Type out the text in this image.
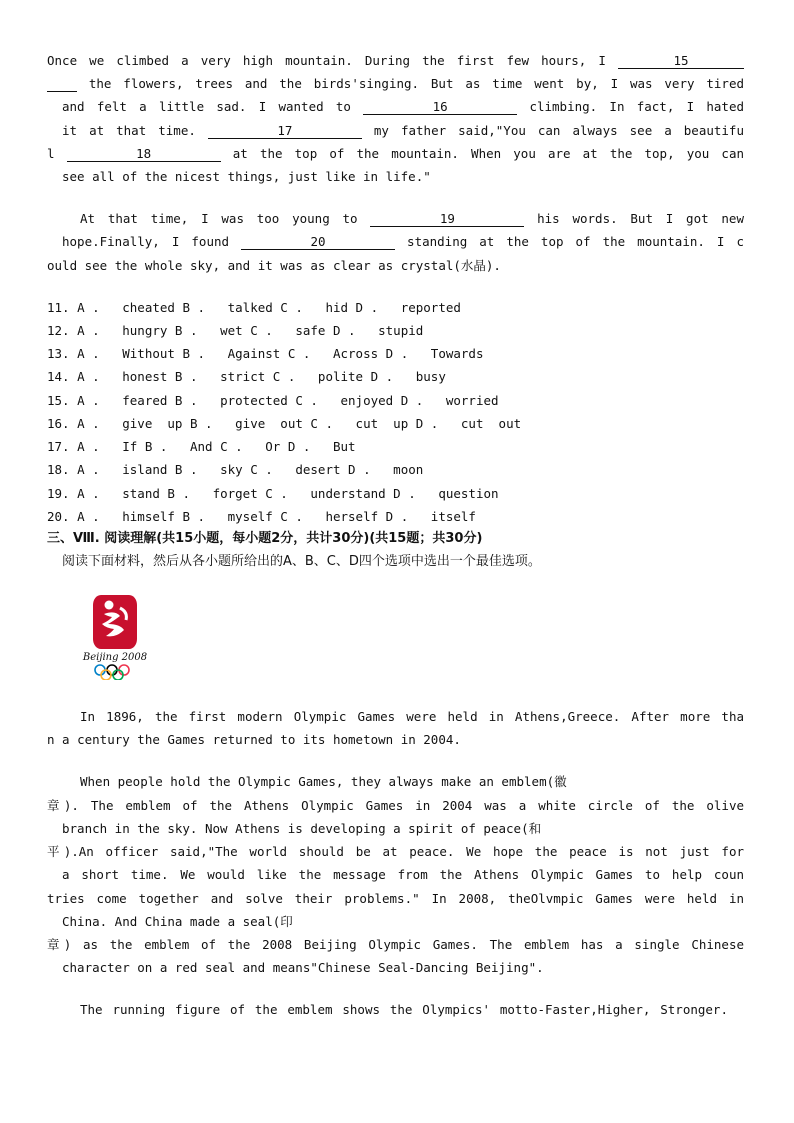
Once we climbed a very high mountain. During the first few hours, I	15
the flowers, trees and the birds'singing. But as time went by, I was very tired
and felt a little sad. I wanted to	16	climbing. In fact, I hated
it at that time.	17	my father said,"You can always see a beautifu
l	18	at the top of the mountain. When you are at the top, you can
see all of the nicest things, just like in life."
At that time, I was too young to	19	his words. But I got new
hope.Finally, I found	20	standing at the top of the mountain. I c
ould see the whole sky, and it was as clear as crystal(水晶).
11. A .   cheated B .   talked C .   hid D .   reported
12. A .   hungry B .   wet C .   safe D .   stupid
13. A .   Without B .   Against C .   Across D .   Towards
14. A .   honest B .   strict C .   polite D .   busy
15. A .   feared B .   protected C .   enjoyed D .   worried
16. A .   give  up B .   give  out C .   cut  up D .   cut  out
17. A .   If B .   And C .   Or D .   But
18. A .   island B .   sky C .   desert D .   moon
19. A .   stand B .   forget C .   understand D .   question
20. A .   himself B .   myself C .   herself D .   itself
三、Ⅷ. 阅读理解(共15小题，每小题2分，共计30分)(共15题；共30分)
阅读下面材料，然后从各小题所给出的A、B、C、D四个选项中选出一个最佳选项。
Beijing 2008
In 1896, the first modern Olympic Games were held in Athens,Greece. After more tha
n a century the Games returned to its hometown in 2004.
When people hold the Olympic Games, they always make an emblem(徽
章). The emblem of the Athens Olympic Games in 2004 was a white circle of the olive
branch in the sky. Now Athens is developing a spirit of peace(和
平).An officer said,"The world should be at peace. We hope the peace is not just for
a short time. We would like the message from the Athens Olympic Games to help coun
tries come together and solve their problems." In 2008, theOlvmpic Games were held in
China. And China made a seal(印
章) as the emblem of the 2008 Beijing Olympic Games. The emblem has a single Chinese
character on a red seal and means"Chinese Seal-Dancing Beijing".
The running figure of the emblem shows the Olympics' motto-Faster,Higher, Stronger.
